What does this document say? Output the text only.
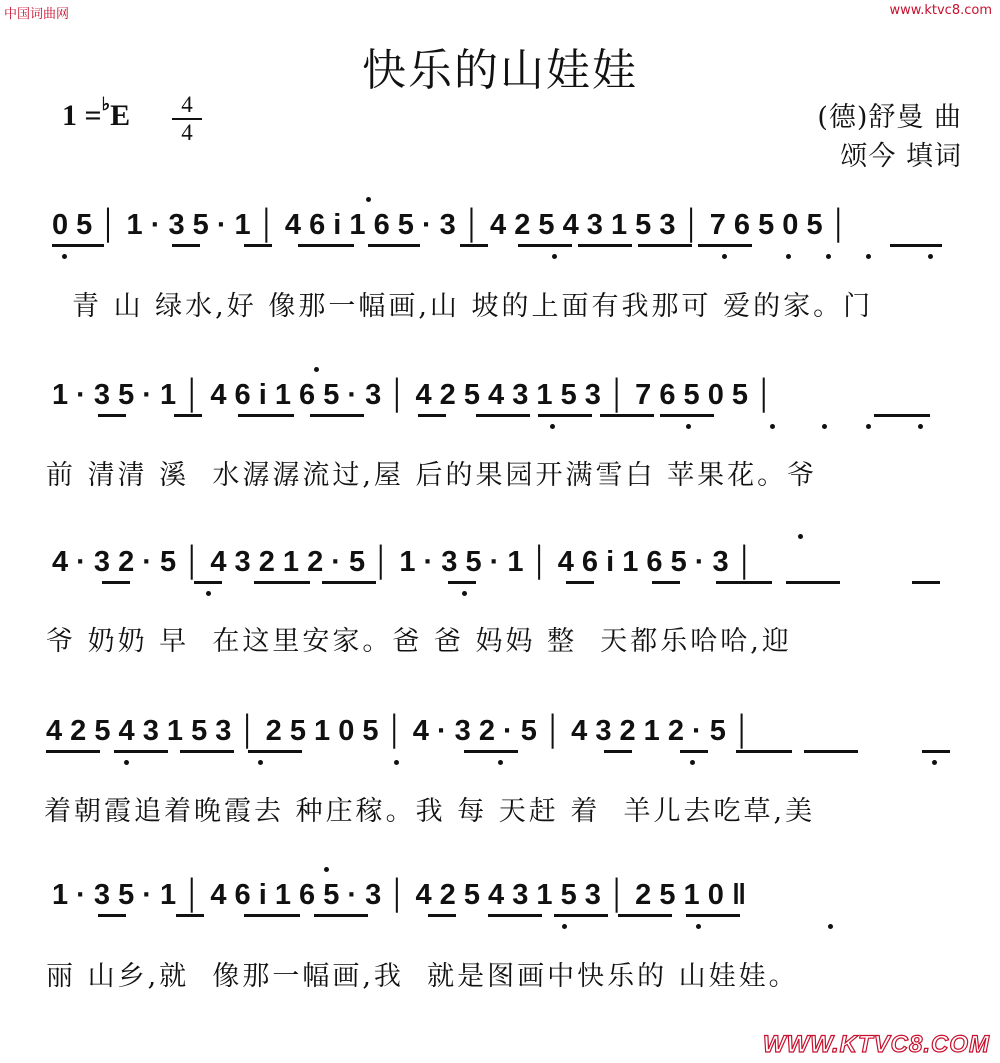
中国词曲网	www.ktvc8.com
快乐的山娃娃
1 =♭E	4
4	(德)舒曼 曲
颂今 填词
0 5 │ 1 · 3 5 · 1 │ 4 6 i 1 6 5 · 3 │ 4 2 5 4 3 1 5 3 │ 7 6 5 0 5 │
青 山 绿水,好 像那一幅画,山 坡的上面有我那可 爱的家。门
1 · 3 5 · 1 │ 4 6 i 1 6 5 · 3 │ 4 2 5 4 3 1 5 3 │ 7 6 5 0 5 │
前 清清 溪  水潺潺流过,屋 后的果园开满雪白 苹果花。爷
4 · 3 2 · 5 │ 4 3 2 1 2 · 5 │ 1 · 3 5 · 1 │ 4 6 i 1 6 5 · 3 │
爷 奶奶 早  在这里安家。爸 爸 妈妈 整  天都乐哈哈,迎
4 2 5 4 3 1 5 3 │ 2 5 1 0 5 │ 4 · 3 2 · 5 │ 4 3 2 1 2 · 5 │
着朝霞追着晚霞去 种庄稼。我 每 天赶 着  羊儿去吃草,美
1 · 3 5 · 1 │ 4 6 i 1 6 5 · 3 │ 4 2 5 4 3 1 5 3 │ 2 5 1 0 ‖
丽 山乡,就  像那一幅画,我  就是图画中快乐的 山娃娃。
WWW.KTVC8.COM
